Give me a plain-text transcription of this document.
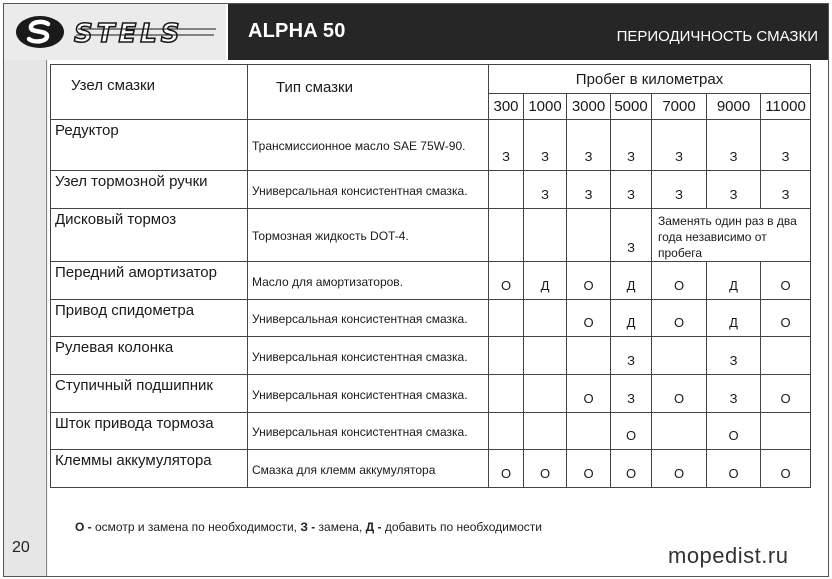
STELS	ALPHA 50	ПЕРИОДИЧНОСТЬ СМАЗКИ
20
Узел смазки	Тип смазки	Пробег в километрах						
		300	1000	3000	5000	7000	9000	11000
Редуктор	Трансмиссионное масло SAE 75W-90.	З	З	З	З	З	З	З
Узел тормозной ручки	Универсальная консистентная смазка.		З	З	З	З	З	З
Дисковый тормоз	Тормозная жидкость DOT-4.				З	Заменять один раз в два года независимо от пробега		
Передний амортизатор	Масло для амортизаторов.	О	Д	О	Д	О	Д	О
Привод спидометра	Универсальная консистентная смазка.			О	Д	О	Д	О
Рулевая колонка	Универсальная консистентная смазка.				З		З	
Ступичный подшипник	Универсальная консистентная смазка.			О	З	О	З	О
Шток привода тормоза	Универсальная консистентная смазка.				О		О	
Клеммы аккумулятора	Смазка для клемм аккумулятора	О	О	О	О	О	О	О
О - осмотр и замена по необходимости, З - замена, Д - добавить по необходимости
mopedist.ru
